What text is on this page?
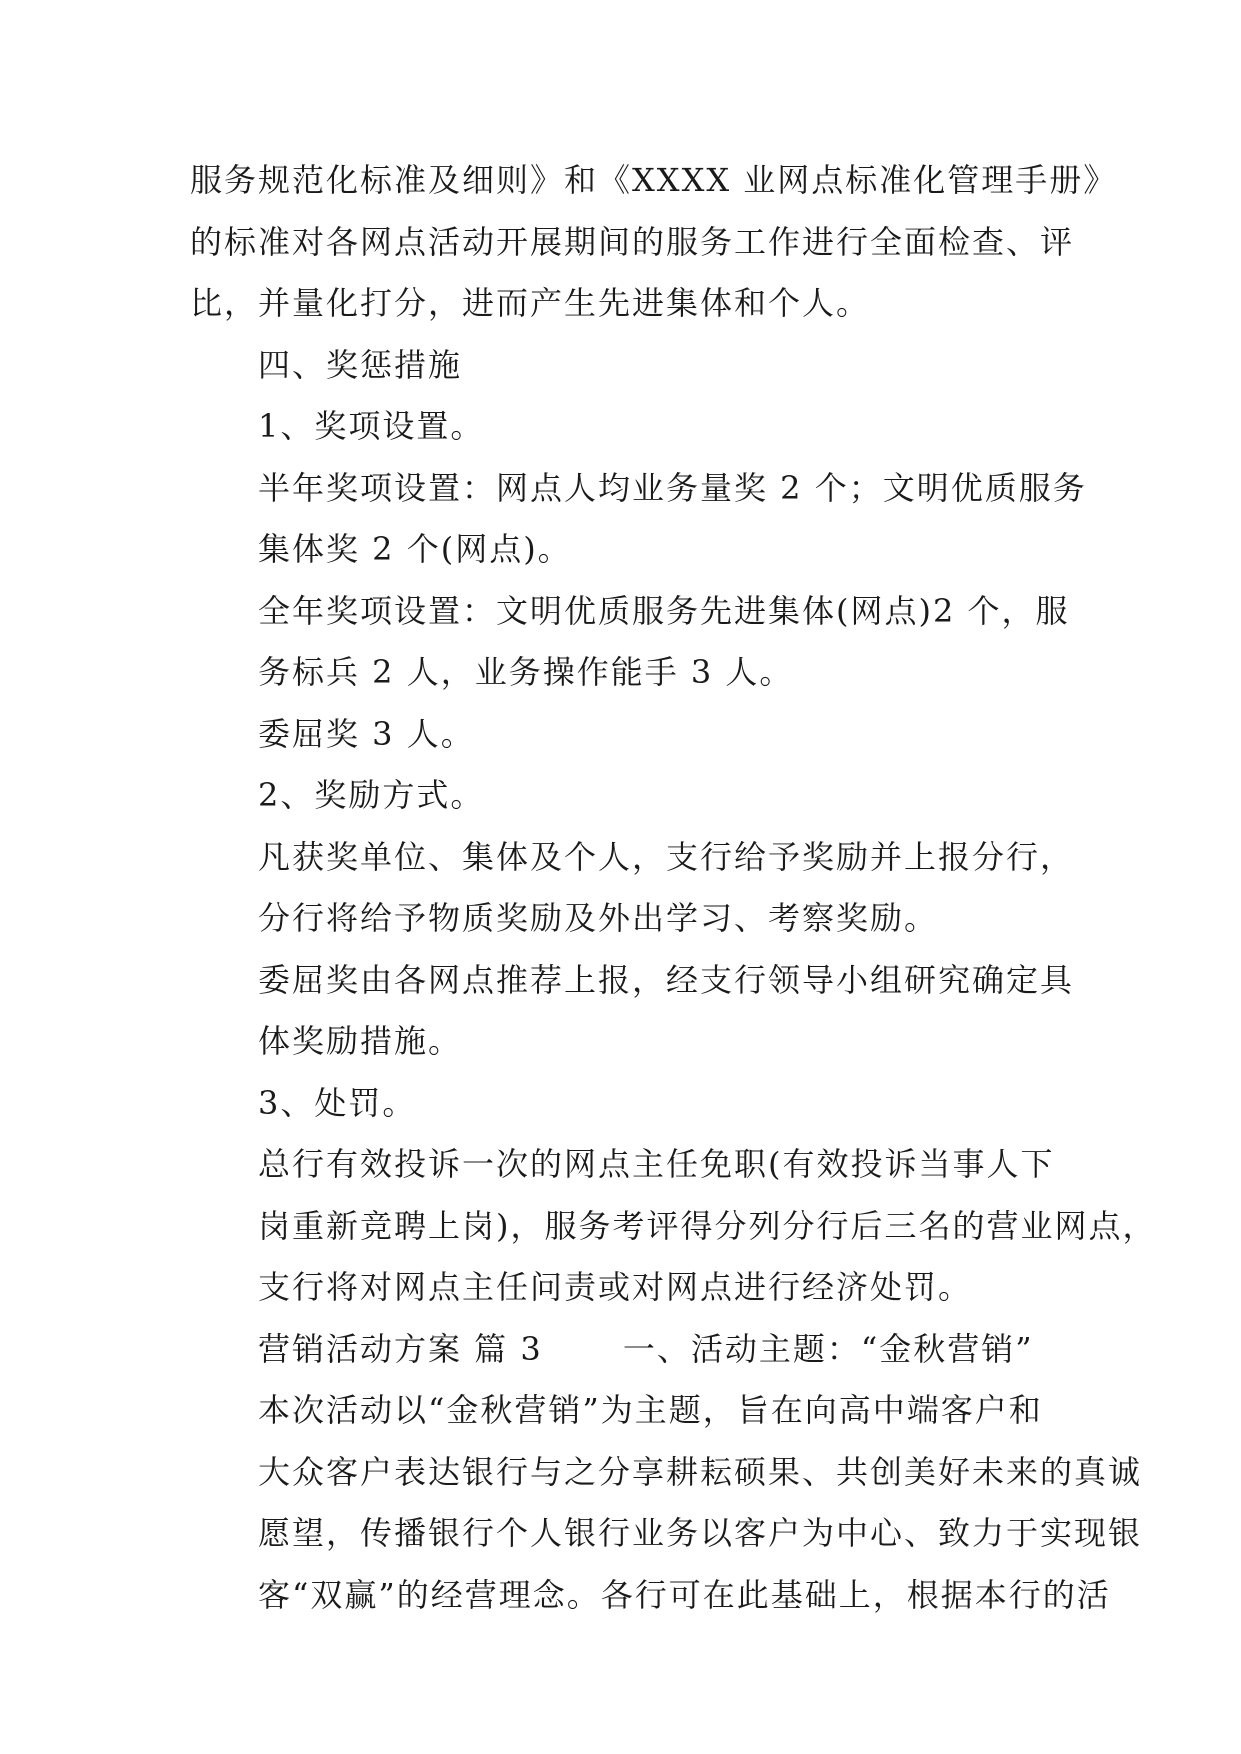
服务规范化标准及细则》和《XXXX 业网点标准化管理手册》
的标准对各网点活动开展期间的服务工作进行全面检查、评
比，并量化打分，进而产生先进集体和个人。

四、奖惩措施

1、奖项设置。

半年奖项设置：网点人均业务量奖 2 个；文明优质服务
集体奖 2 个(网点)。

全年奖项设置：文明优质服务先进集体(网点)2 个，服
务标兵 2 人，业务操作能手 3 人。

委屈奖 3 人。

2、奖励方式。

凡获奖单位、集体及个人，支行给予奖励并上报分行，
分行将给予物质奖励及外出学习、考察奖励。

委屈奖由各网点推荐上报，经支行领导小组研究确定具
体奖励措施。

3、处罚。

总行有效投诉一次的网点主任免职(有效投诉当事人下
岗重新竞聘上岗)，服务考评得分列分行后三名的营业网点，
支行将对网点主任问责或对网点进行经济处罚。

营销活动方案 篇 3　　 一、活动主题：“金秋营销”

本次活动以“金秋营销”为主题，旨在向高中端客户和
大众客户表达银行与之分享耕耘硕果、共创美好未来的真诚
愿望，传播银行个人银行业务以客户为中心、致力于实现银
客“双赢”的经营理念。各行可在此基础上，根据本行的活
